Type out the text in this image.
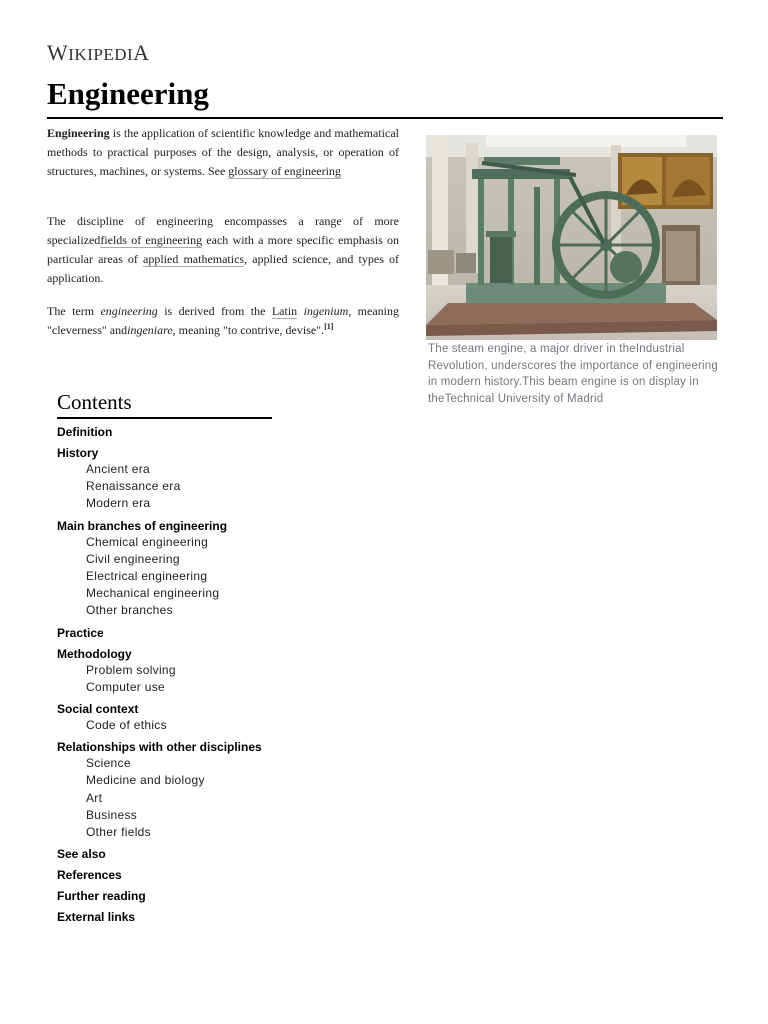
WIKIPEDIA
Engineering

Engineering is the application of scientific knowledge and mathematical methods to practical purposes of the design, analysis, or operation of structures, machines, or systems. See glossary of engineering

The discipline of engineering encompasses a range of more specializedfields of engineering each with a more specific emphasis on particular areas of applied mathematics, applied science, and types of application.

The term engineering is derived from the Latin ingenium, meaning "cleverness" andingeniare, meaning "to contrive, devise".[1]

The steam engine, a major driver in theIndustrial Revolution, underscores the importance of engineering in modern history.This beam engine is on display in theTechnical University of Madrid

Contents
Definition
History
Ancient era
Renaissance era
Modern era
Main branches of engineering
Chemical engineering
Civil engineering
Electrical engineering
Mechanical engineering
Other branches
Practice
Methodology
Problem solving
Computer use
Social context
Code of ethics
Relationships with other disciplines
Science
Medicine and biology
Art
Business
Other fields
See also
References
Further reading
External links
